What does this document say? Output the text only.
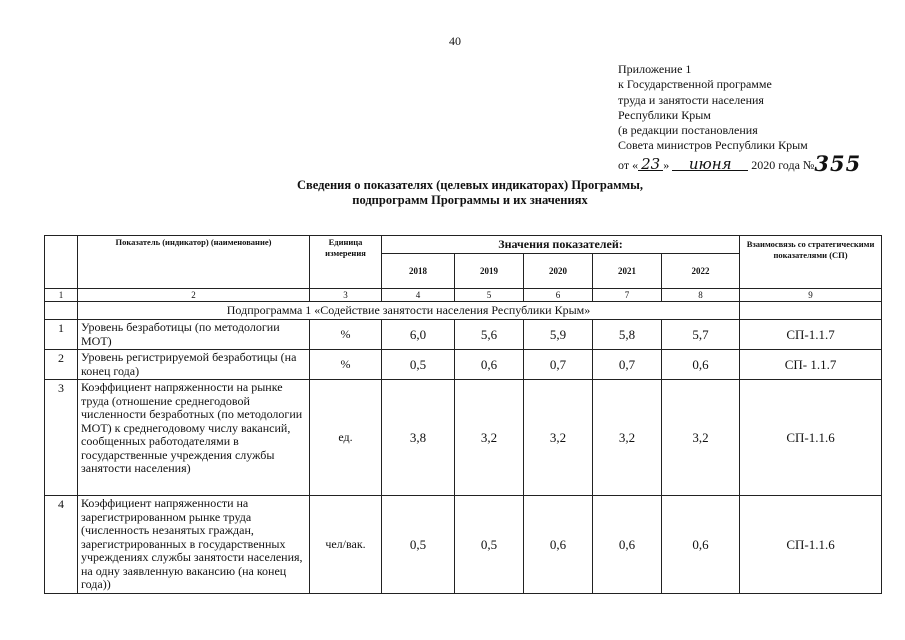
40
Приложение 1
к Государственной программе
труда и занятости населения
Республики Крым
(в редакции постановления
Совета министров Республики Крым
от « 23 » июня 2020 года №355
Сведения о показателях (целевых индикаторах) Программы,
подпрограмм Программы и их значениях
	Показатель (индикатор) (наименование)	Единица измерения	Значения показателей:					Взаимосвязь со стратегическими показателями (СП)
			2018	2019	2020	2021	2022	
1	2	3	4	5	6	7	8	9
	Подпрограмма 1 «Содействие занятости населения Республики Крым»							
1	Уровень безработицы (по методологии МОТ)	%	6,0	5,6	5,9	5,8	5,7	СП-1.1.7
2	Уровень регистрируемой безработицы (на конец года)	%	0,5	0,6	0,7	0,7	0,6	СП- 1.1.7
3	Коэффициент напряженности на рынке труда (отношение среднегодовой численности безработных (по методологии МОТ) к среднегодовому числу вакансий, сообщенных работодателями в государственные учреждения службы занятости населения)	ед.	3,8	3,2	3,2	3,2	3,2	СП-1.1.6
4	Коэффициент напряженности на зарегистрированном рынке труда (численность незанятых граждан, зарегистрированных в государственных учреждениях службы занятости населения, на одну заявленную вакансию (на конец года))	чел/вак.	0,5	0,5	0,6	0,6	0,6	СП-1.1.6
